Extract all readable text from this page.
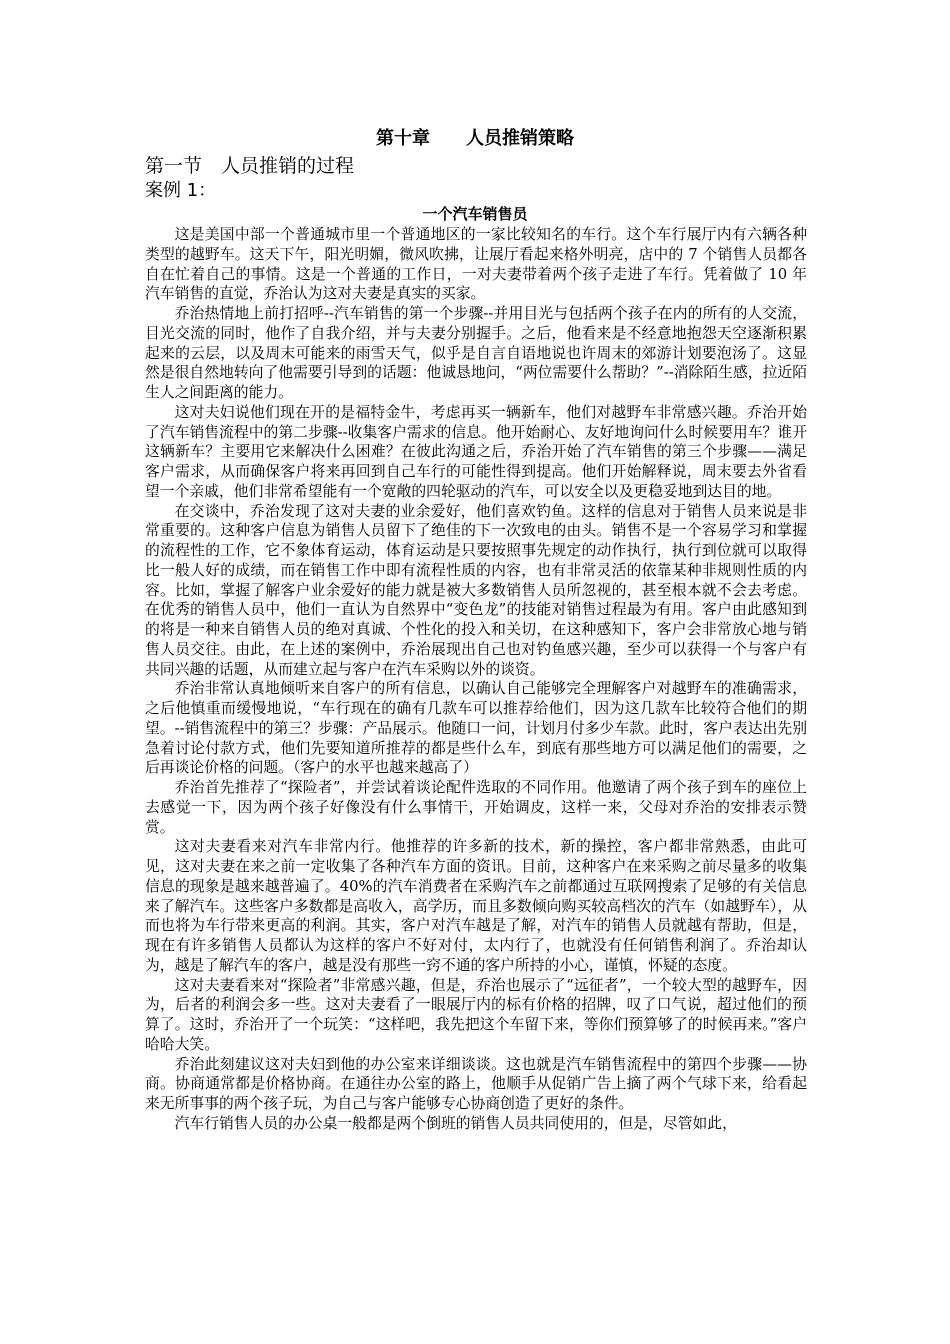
第十章　　人员推销策略
第一节　人员推销的过程
案例 1：
一个汽车销售员

这是美国中部一个普通城市里一个普通地区的一家比较知名的车行。这个车行展厅内有六辆各种类型的越野车。这天下午，阳光明媚，微风吹拂，让展厅看起来格外明亮，店中的 7 个销售人员都各自在忙着自己的事情。这是一个普通的工作日，一对夫妻带着两个孩子走进了车行。凭着做了 10 年汽车销售的直觉，乔治认为这对夫妻是真实的买家。

乔治热情地上前打招呼--汽车销售的第一个步骤--并用目光与包括两个孩子在内的所有的人交流，目光交流的同时，他作了自我介绍，并与夫妻分别握手。之后，他看来是不经意地抱怨天空逐渐积累起来的云层，以及周末可能来的雨雪天气，似乎是自言自语地说也许周末的郊游计划要泡汤了。这显然是很自然地转向了他需要引导到的话题：他诚恳地问，“两位需要什么帮助？”--消除陌生感，拉近陌生人之间距离的能力。

这对夫妇说他们现在开的是福特金牛，考虑再买一辆新车，他们对越野车非常感兴趣。乔治开始了汽车销售流程中的第二步骤--收集客户需求的信息。他开始耐心、友好地询问什么时候要用车？谁开这辆新车？主要用它来解决什么困难？在彼此沟通之后，乔治开始了汽车销售的第三个步骤——满足客户需求，从而确保客户将来再回到自己车行的可能性得到提高。他们开始解释说，周末要去外省看望一个亲戚，他们非常希望能有一个宽敞的四轮驱动的汽车，可以安全以及更稳妥地到达目的地。

在交谈中，乔治发现了这对夫妻的业余爱好，他们喜欢钓鱼。这样的信息对于销售人员来说是非常重要的。这种客户信息为销售人员留下了绝佳的下一次致电的由头。销售不是一个容易学习和掌握的流程性的工作，它不象体育运动，体育运动是只要按照事先规定的动作执行，执行到位就可以取得比一般人好的成绩，而在销售工作中即有流程性质的内容，也有非常灵活的依靠某种非规则性质的内容。比如，掌握了解客户业余爱好的能力就是被大多数销售人员所忽视的，甚至根本就不会去考虑。在优秀的销售人员中，他们一直认为自然界中“变色龙”的技能对销售过程最为有用。客户由此感知到的将是一种来自销售人员的绝对真诚、个性化的投入和关切，在这种感知下，客户会非常放心地与销售人员交往。由此，在上述的案例中，乔治展现出自己也对钓鱼感兴趣，至少可以获得一个与客户有共同兴趣的话题，从而建立起与客户在汽车采购以外的谈资。

乔治非常认真地倾听来自客户的所有信息，以确认自己能够完全理解客户对越野车的准确需求，之后他慎重而缓慢地说，“车行现在的确有几款车可以推荐给他们，因为这几款车比较符合他们的期望。--销售流程中的第三？步骤：产品展示。他随口一问，计划月付多少车款。此时，客户表达出先别急着讨论付款方式，他们先要知道所推荐的都是些什么车，到底有那些地方可以满足他们的需要，之后再谈论价格的问题。（客户的水平也越来越高了）

乔治首先推荐了“探险者”，并尝试着谈论配件选取的不同作用。他邀请了两个孩子到车的座位上去感觉一下，因为两个孩子好像没有什么事情干，开始调皮，这样一来，父母对乔治的安排表示赞赏。

这对夫妻看来对汽车非常内行。他推荐的许多新的技术，新的操控，客户都非常熟悉，由此可见，这对夫妻在来之前一定收集了各种汽车方面的资讯。目前，这种客户在来采购之前尽量多的收集信息的现象是越来越普遍了。40%的汽车消费者在采购汽车之前都通过互联网搜索了足够的有关信息来了解汽车。这些客户多数都是高收入，高学历，而且多数倾向购买较高档次的汽车（如越野车），从而也将为车行带来更高的利润。其实，客户对汽车越是了解，对汽车的销售人员就越有帮助，但是，现在有许多销售人员都认为这样的客户不好对付，太内行了，也就没有任何销售利润了。乔治却认为，越是了解汽车的客户，越是没有那些一窍不通的客户所持的小心，谨慎，怀疑的态度。

这对夫妻看来对“探险者”非常感兴趣，但是，乔治也展示了“远征者”，一个较大型的越野车，因为，后者的利润会多一些。这对夫妻看了一眼展厅内的标有价格的招牌，叹了口气说，超过他们的预算了。这时，乔治开了一个玩笑：“这样吧，我先把这个车留下来，等你们预算够了的时候再来。”客户哈哈大笑。

乔治此刻建议这对夫妇到他的办公室来详细谈谈。这也就是汽车销售流程中的第四个步骤——协商。协商通常都是价格协商。在通往办公室的路上，他顺手从促销广告上摘了两个气球下来，给看起来无所事事的两个孩子玩，为自己与客户能够专心协商创造了更好的条件。

汽车行销售人员的办公桌一般都是两个倒班的销售人员共同使用的，但是，尽管如此，
